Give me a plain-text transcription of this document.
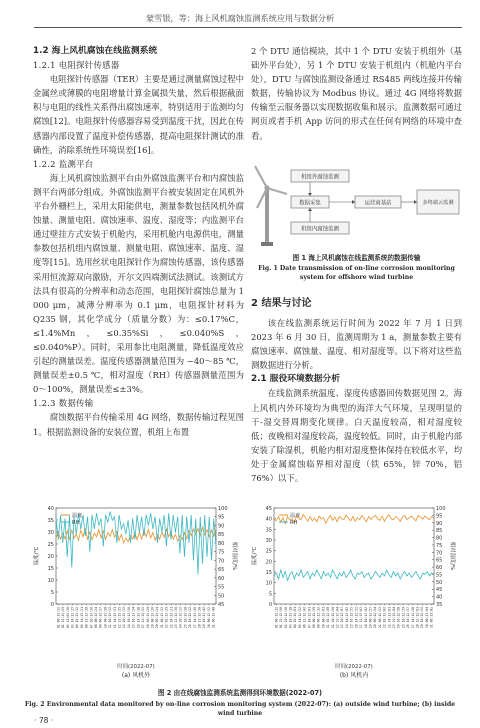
蒙雪银，等：海上风机腐蚀监测系统应用与数据分析
1.2 海上风机腐蚀在线监测系统
1.2.1 电阻探针传感器

电阻探针传感器（TER）主要是通过测量腐蚀过程中金属丝或薄膜的电阻增量计算金属损失量，然后根据截面积与电阻的线性关系得出腐蚀速率，特别适用于监测均匀腐蚀[12]。电阻探针传感器容易受到温度干扰，因此在传感器内部设置了温度补偿传感器，提高电阻探针测试的准确性，消除系统性环境误差[16]。

1.2.2 监测平台

海上风机腐蚀监测平台由外腐蚀监测平台和内腐蚀监测平台两部分组成。外腐蚀监测平台被安装固定在风机外平台外栅栏上，采用太阳能供电，测量参数包括风机外腐蚀量、测量电阻、腐蚀速率、温度、湿度等；内监测平台通过壁挂方式安装于机舱内，采用机舱内电源供电，测量参数包括机组内腐蚀量、测量电阻、腐蚀速率、温度、湿度等[15]。选用丝状电阻探针作为腐蚀传感器，该传感器采用恒流源双向激励，开尔文四端测试法测试。该测试方法具有很高的分辨率和动态范围，电阻探针腐蚀总量为 1 000 μm，减薄分辨率为 0.1 μm，电阻探针材料为 Q235 钢，其化学成分（质量分数）为：≤0.17%C，≤1.4%Mn，≤0.35%Si，≤0.040%S，≤0.040%P）。同时，采用参比电阻测量，降低温度效应引起的测量误差。温度传感器测量范围为 −40～85 ℃，测量误差±0.5 ℃，相对湿度（RH）传感器测量范围为 0～100%，测量误差≤±3%。

1.2.3 数据传输

腐蚀数据平台传输采用 4G 网络，数据传输过程见图 1。根据监测设备的安装位置，机组上布置

2 个 DTU 通信模块，其中 1 个 DTU 安装于机组外（基础外平台处），另 1 个 DTU 安装于机组内（机舱内平台处），DTU 与腐蚀监测设备通过 RS485 两线连接并传输数据，传输协议为 Modbus 协议。通过 4G 网络将数据传输至云服务器以实现数据收集和展示。监测数据可通过网页或者手机 App 访问的形式在任何有网络的环境中查看。

机组外腐蚀监测
机组内腐蚀监测
数据采集	运营商基站	多终端云监测
图 1 海上风机腐蚀在线监测系统的数据传输
Fig. 1 Date transmission of on-line corrosion monitoring system for offshore wind turbine
2 结果与讨论

该在线监测系统运行时间为 2022 年 7 月 1 日到 2023 年 6 月 30 日，监测周期为 1 a，测量参数主要有腐蚀速率、腐蚀量、温度、相对湿度等。以下将对这些监测数据进行分析。

2.1 服役环境数据分析

在线监测系统温度、湿度传感器回传数据见图 2。海上风机内外环境均为典型的海洋大气环境，呈现明显的干-湿交替周期变化规律。白天温度较高，相对湿度较低；夜晚相对湿度较高，温度较低。同时，由于机舱内部安装了除湿机，机舱内相对湿度整体保持在较低水平，均处于金属腐蚀临界相对湿度（铁 65%，锌 70%，铝 76%）以下。

0
5
10
15
20
25
30
35
40
45
50
55
60
65
70
75
80
85
90
95
100
01 00:13:32 01 22:13:29 02 21:03:36 03 18:13:35 04 16:13:32 05 14:13:31 06 12:13:30 07 10:13:36 08 08:13:24 09 06:13:37 10 04:13:30 11 02:13:32 11 24:13:31 12 22:13:35 13 20:13:32 14 18:13:36 15 16:13:24 16 14:13:18 17 12:13:52 18 10:13:29 19 08:13:36 20 06:13:24 21 04:13:32 22 02:13:29 22 24:13:31 23 22:13:36 24 20:13:32 25 18:13:30 26 16:13:22 27 14:13:36 28 12:13:30 29 10:13:42 30 08:13:32 31 06:13:40
温度
RH
温度/℃	相对湿度/%
时间(2022-07)
(a) 风机外
0
5
10
15
20
25
30
35
40
45
35
40
45
50
55
60
65
70
75
80
85
90
95
100
01 00:12:12 01 22:12:50 02 20:12:36 03 18:13:10 04 16:13:01 05 14:12:52 06 12:12:42 07 10:13:01 08 08:12:59 09 06:13:12 10 04:13:01 11 02:12:49 11 24:12:58 12 22:13:04 13 20:13:07 14 18:13:02 15 16:12:55 16 14:12:52 17 12:13:03 18 10:13:02 19 08:12:57 20 06:12:54 21 04:12:53 22 02:13:02 22 24:13:01 23 22:13:04 24 20:12:58 25 18:12:59 26 16:12:57 27 14:12:58 28 12:13:01 29 10:12:55 30 08:13:04 31 06:13:02
温度
RH
温度/℃	相对湿度/%
时间(2022-07)
(b) 风机内
图 2 由在线腐蚀监测系统监测得到环境数据(2022-07)
Fig. 2 Environmental data monitored by on-line corrosion monitoring system (2022-07): (a) outside wind turbine; (b) inside wind turbine
· 78 ·
